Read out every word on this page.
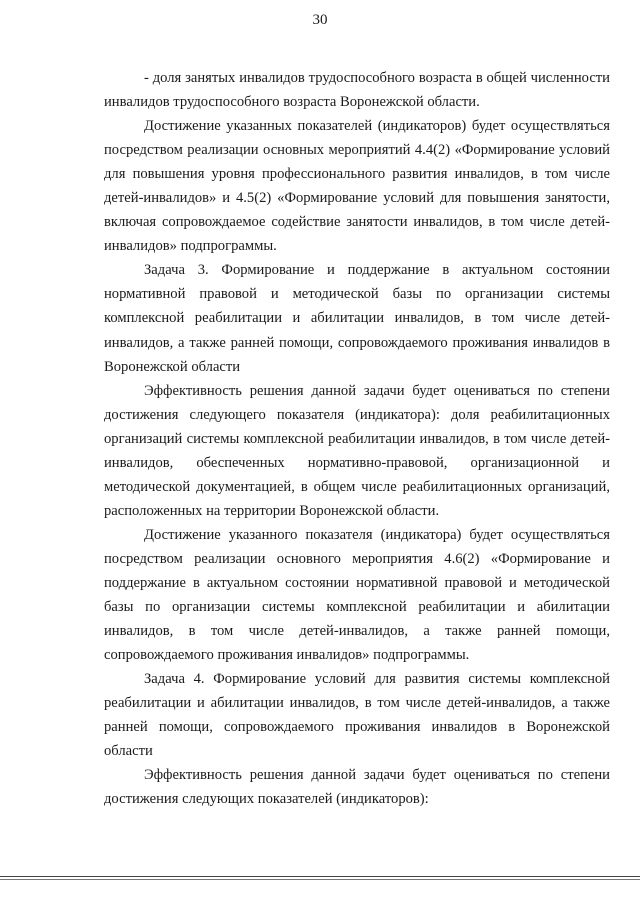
30

- доля занятых инвалидов трудоспособного возраста в общей численности инвалидов трудоспособного возраста Воронежской области.

Достижение указанных показателей (индикаторов) будет осуществляться посредством реализации основных мероприятий 4.4(2) «Формирование условий для повышения уровня профессионального развития инвалидов, в том числе детей-инвалидов» и 4.5(2) «Формирование условий для повышения занятости, включая сопровождаемое содействие занятости инвалидов, в том числе детей-инвалидов» подпрограммы.

Задача 3. Формирование и поддержание в актуальном состоянии нормативной правовой и методической базы по организации системы комплексной реабилитации и абилитации инвалидов, в том числе детей-инвалидов, а также ранней помощи, сопровождаемого проживания инвалидов в Воронежской области

Эффективность решения данной задачи будет оцениваться по степени достижения следующего показателя (индикатора): доля реабилитационных организаций системы комплексной реабилитации инвалидов, в том числе детей-инвалидов, обеспеченных нормативно-правовой, организационной и методической документацией, в общем числе реабилитационных организаций, расположенных на территории Воронежской области.

Достижение указанного показателя (индикатора) будет осуществляться посредством реализации основного мероприятия 4.6(2) «Формирование и поддержание в актуальном состоянии нормативной правовой и методической базы по организации системы комплексной реабилитации и абилитации инвалидов, в том числе детей-инвалидов, а также ранней помощи, сопровождаемого проживания инвалидов» подпрограммы.

Задача 4. Формирование условий для развития системы комплексной реабилитации и абилитации инвалидов, в том числе детей-инвалидов, а также ранней помощи, сопровождаемого проживания инвалидов в Воронежской области

Эффективность решения данной задачи будет оцениваться по степени достижения следующих показателей (индикаторов):
